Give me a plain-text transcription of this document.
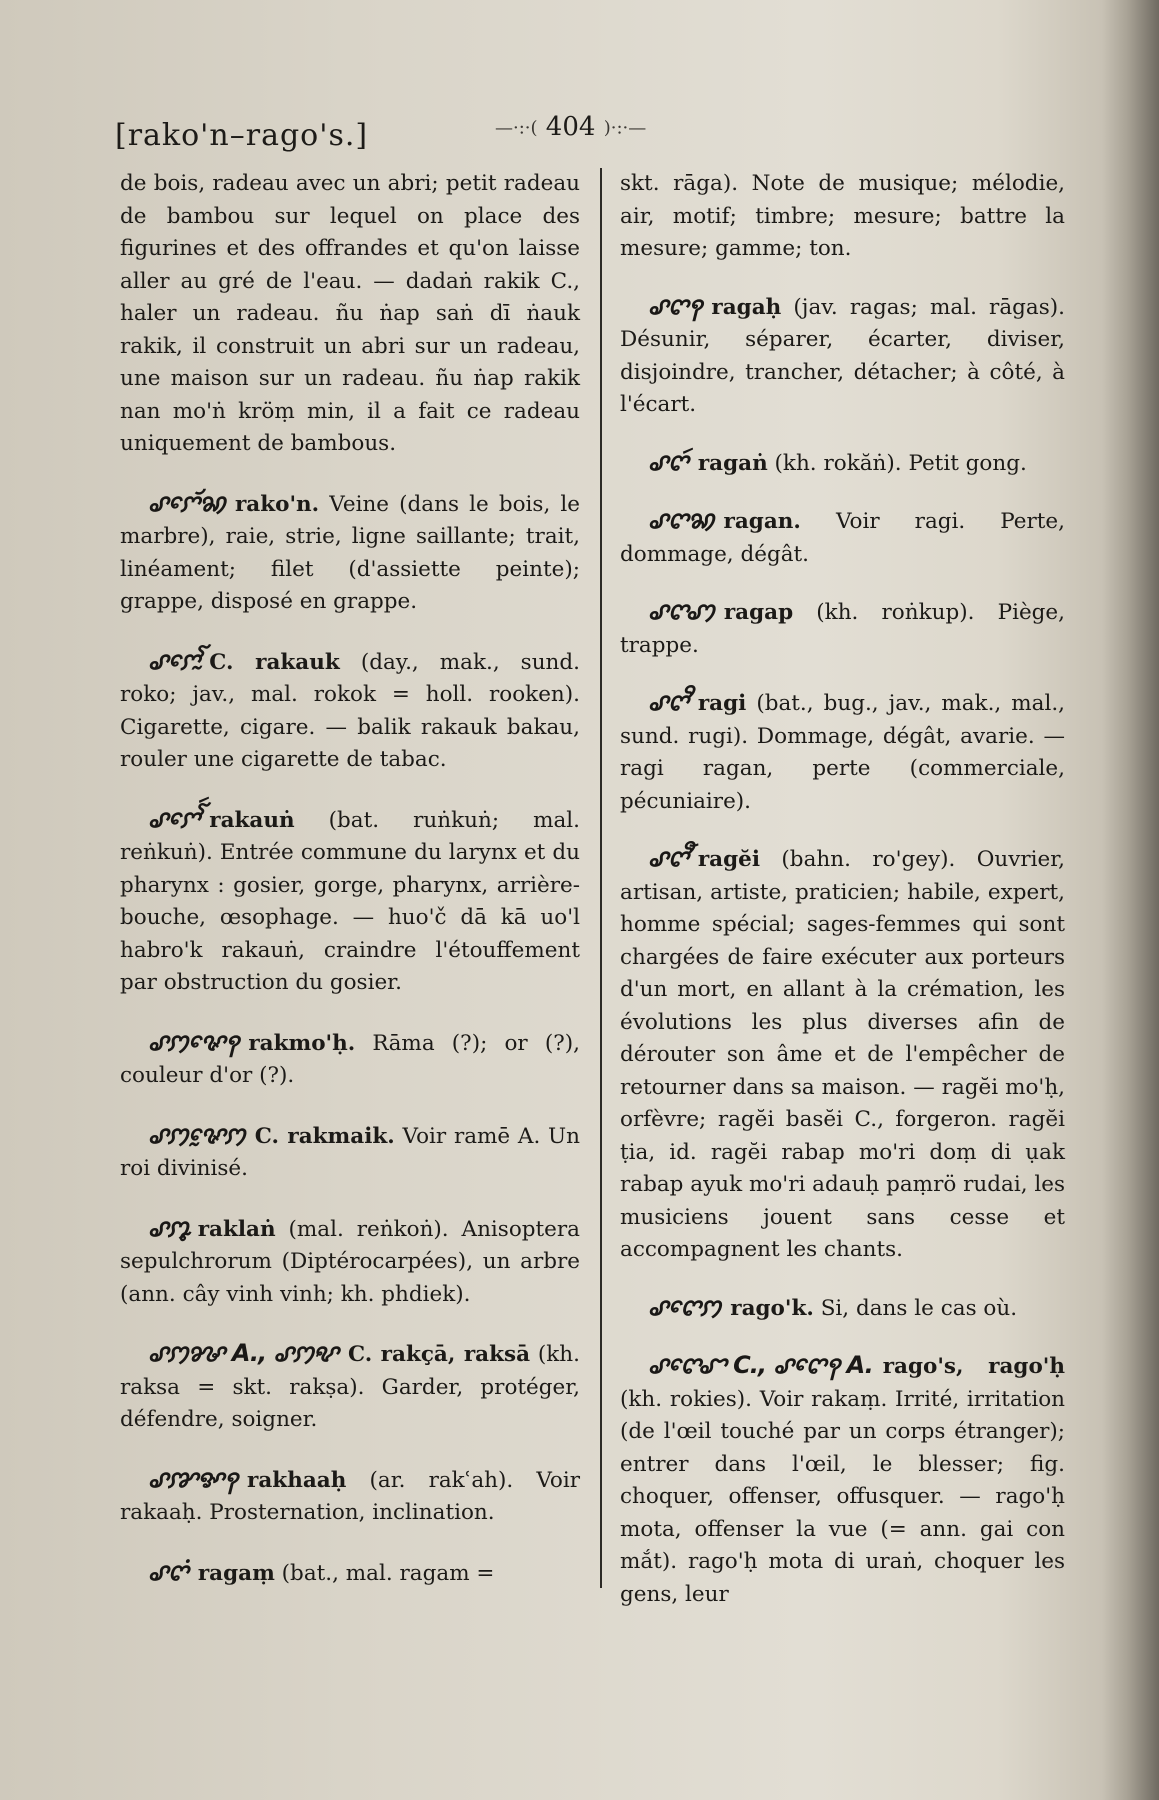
[rako'n–rago's.]	—·:·( 404 )·:·—

de bois, radeau avec un abri; petit radeau de bambou sur lequel on place des figurines et des offrandes et qu'on laisse aller au gré de l'eau. — dadaṅ rakik C., haler un radeau. ñu ṅap saṅ dī ṅauk rakik, il construit un abri sur un radeau, une maison sur un radeau. ñu ṅap rakik nan mo'ṅ kröṃ min, il a fait ce radeau uniquement de bambous.

ꨣꨆꨯꨮꩆ rako'n. Veine (dans le bois, le marbre), raie, strie, ligne saillante; trait, linéament; filet (d'assiette peinte); grappe, disposé en grappe.

ꨣꨆꨯꨱꨭ C. rakauk (day., mak., sund. roko; jav., mal. rokok = holl. rooken). Cigarette, cigare. — balik rakauk bakau, rouler une cigarette de tabac.

ꨣꨆꨯꨱꩃ rakauṅ (bat. ruṅkuṅ; mal. reṅkuṅ). Entrée commune du larynx et du pharynx : gosier, gorge, pharynx, arrière-bouche, œsophage. — huo'č dā kā uo'l habro'k rakauṅ, craindre l'étouffement par obstruction du gosier.

ꨣꩀꨟꨯꩍ rakmo'ḥ. Rāma (?); or (?), couleur d'or (?).

ꨣꩀꨟꨰꩀ C. rakmaik. Voir ramē A. Un roi divinisé.

ꨣꩀꨵ raklaṅ (mal. reṅkoṅ). Anisoptera sepulchrorum (Diptérocarpées), un arbre (ann. cây vinh vinh; kh. phdiek).

ꨣꩀꨍ A., ꨣꩀꨦ C. rakçā, raksā (kh. raksa = skt. rakṣa). Garder, protéger, défendre, soigner.

ꨣꨇꨀꩍ rakhaaḥ (ar. rakʿah). Voir rakaaḥ. Prosternation, inclination.

ꨣꨈꩌ ragaṃ (bat., mal. ragam =

skt. rāga). Note de musique; mélodie, air, motif; timbre; mesure; battre la mesure; gamme; ton.

ꨣꨈꩍ ragaḥ (jav. ragas; mal. rāgas). Désunir, séparer, écarter, diviser, disjoindre, trancher, détacher; à côté, à l'écart.

ꨣꨈꩃ ragaṅ (kh. rokăṅ). Petit gong.

ꨣꨈꩆ ragan. Voir ragi. Perte, dommage, dégât.

ꨣꨈꩇ ragap (kh. roṅkup). Piège, trappe.

ꨣꨈꨪ ragi (bat., bug., jav., mak., mal., sund. rugi). Dommage, dégât, avarie. — ragi ragan, perte (commerciale, pécuniaire).

ꨣꨈꨬ ragĕi (bahn. ro'gey). Ouvrier, artisan, artiste, praticien; habile, expert, homme spécial; sages-femmes qui sont chargées de faire exécuter aux porteurs d'un mort, en allant à la crémation, les évolutions les plus diverses afin de dérouter son âme et de l'empêcher de retourner dans sa maison. — ragĕi mo'ḥ, orfèvre; ragĕi basĕi C., forgeron. ragĕi ṭia, id. ragĕi rabap mo'ri doṃ di ụak rabap ayuk mo'ri adauḥ paṃrö rudai, les musiciens jouent sans cesse et accompagnent les chants.

ꨣꨈꨯꩀ rago'k. Si, dans le cas où.

ꨣꨈꨯꨧ C., ꨣꨈꨯꩍ A. rago's, rago'ḥ (kh. rokies). Voir rakaṃ. Irrité, irritation (de l'œil touché par un corps étranger); entrer dans l'œil, le blesser; fig. choquer, offenser, offusquer. — rago'ḥ mota, offenser la vue (= ann. gai con mắt). rago'ḥ mota di uraṅ, choquer les gens, leur
